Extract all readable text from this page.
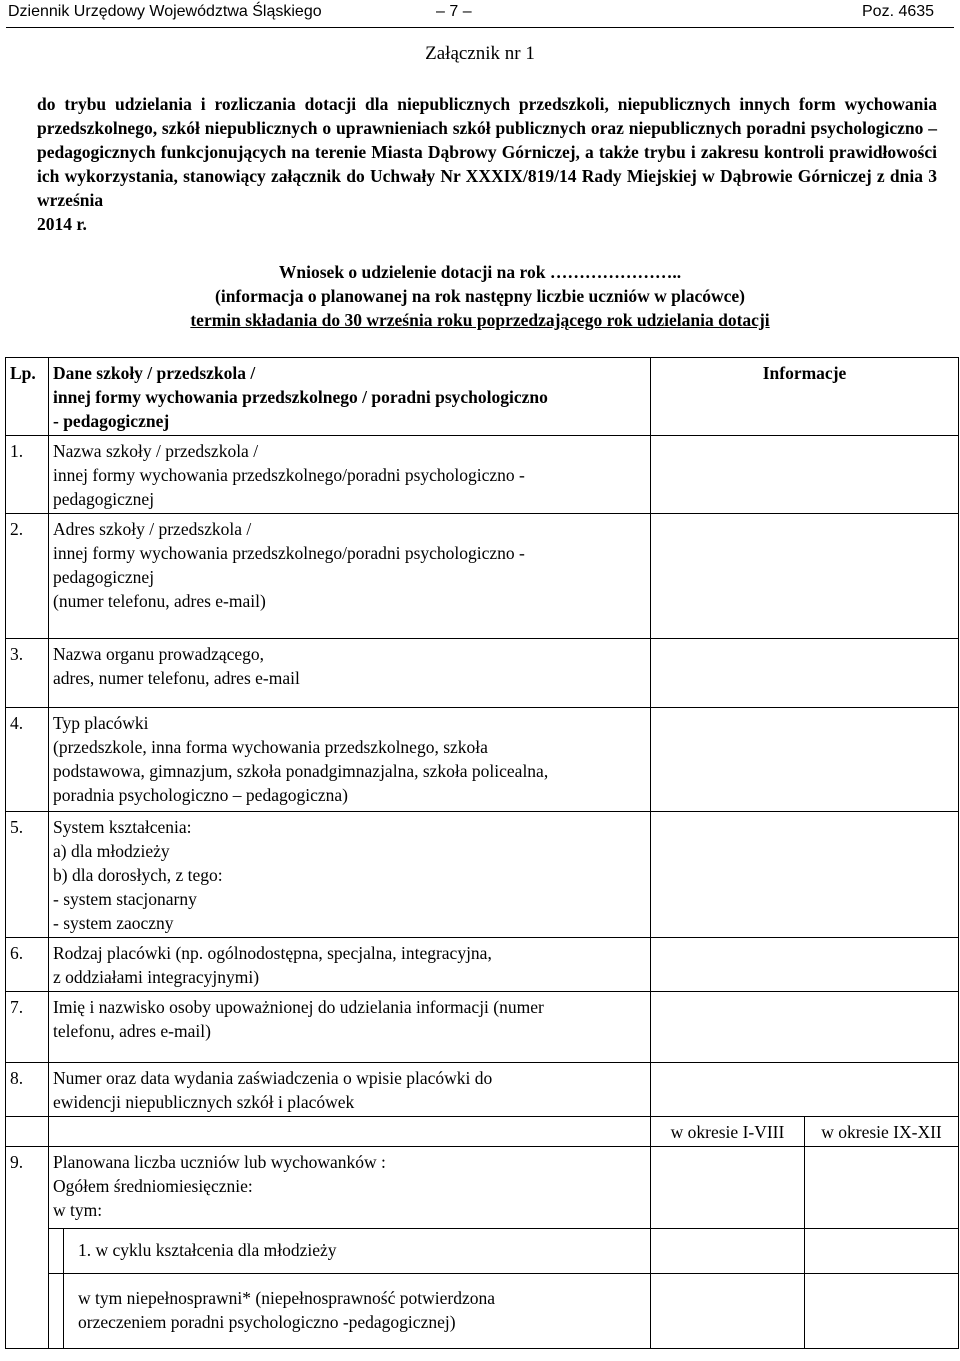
Dziennik Urzędowy Województwa Śląskiego	– 7 –	Poz. 4635
Załącznik nr 1
do trybu udzielania i rozliczania dotacji dla niepublicznych przedszkoli, niepublicznych innych form wychowania przedszkolnego, szkół niepublicznych o uprawnieniach szkół publicznych oraz niepublicznych poradni psychologiczno – pedagogicznych funkcjonujących na terenie Miasta Dąbrowy Górniczej, a także trybu i zakresu kontroli prawidłowości ich wykorzystania, stanowiący załącznik do Uchwały Nr XXXIX/819/14 Rady Miejskiej w Dąbrowie Górniczej z dnia 3 września
2014 r.
Wniosek o udzielenie dotacji na rok …………………..
(informacja o planowanej na rok następny liczbie uczniów w placówce)
termin składania do 30 września roku poprzedzającego rok udzielania dotacji
Lp.	Dane szkoły / przedszkola /
innej formy wychowania przedszkolnego / poradni psychologiczno
- pedagogicznej	Informacje	
1.	Nazwa szkoły / przedszkola /
innej formy wychowania przedszkolnego/poradni psychologiczno -
pedagogicznej		

2.	Adres szkoły / przedszkola /
innej formy wychowania przedszkolnego/poradni psychologiczno -
pedagogicznej
(numer telefonu, adres e-mail)		

3.	Nazwa organu prowadzącego,
adres, numer telefonu, adres e-mail		

4.	Typ placówki
(przedszkole, inna forma wychowania przedszkolnego, szkoła
podstawowa, gimnazjum, szkoła ponadgimnazjalna, szkoła policealna,
poradnia psychologiczno – pedagogiczna)		

5.	System kształcenia:
a) dla młodzieży
b) dla dorosłych, z tego:
- system stacjonarny
- system zaoczny		

6.	Rodzaj placówki (np. ogólnodostępna, specjalna, integracyjna,
z oddziałami integracyjnymi)		

7.	Imię i nazwisko osoby upoważnionej do udzielania informacji (numer
telefonu, adres e-mail)		

8.	Numer oraz data wydania zaświadczenia o wpisie placówki do
ewidencji niepublicznych szkół i placówek		

		w okresie I-VIII	w okresie IX-XII
9.	Planowana liczba uczniów lub wychowanków :
Ogółem średniomiesięcznie:
w tym:		

	1. w cyklu kształcenia dla młodzieży		

	w tym niepełnosprawni* (niepełnosprawność potwierdzona
orzeczeniem poradni psychologiczno -pedagogicznej)		
